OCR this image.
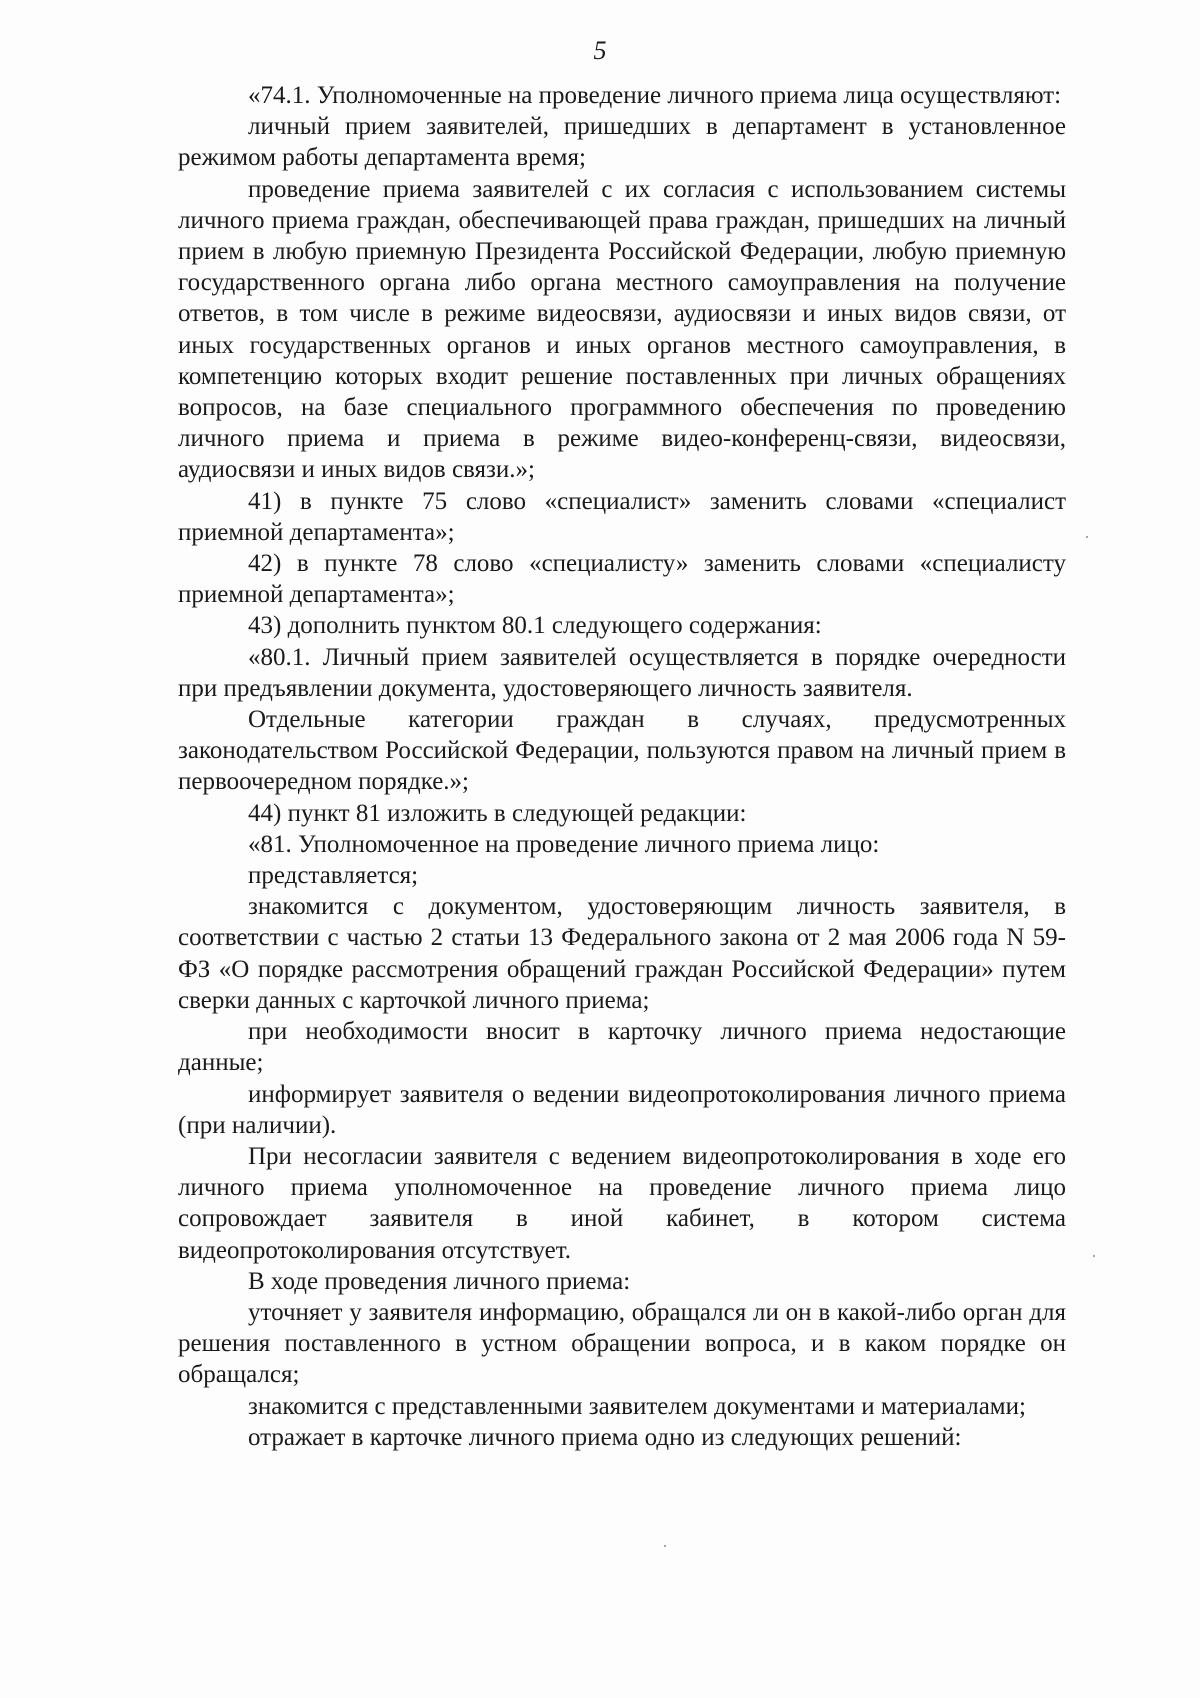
5

«74.1. Уполномоченные на проведение личного приема лица осуществляют:

личный прием заявителей, пришедших в департамент в установленное режимом работы департамента время;

проведение приема заявителей с их согласия с использованием системы личного приема граждан, обеспечивающей права граждан, пришедших на личный прием в любую приемную Президента Российской Федерации, любую приемную государственного органа либо органа местного самоуправления на получение ответов, в том числе в режиме видеосвязи, аудиосвязи и иных видов связи, от иных государственных органов и иных органов местного самоуправления, в компетенцию которых входит решение поставленных при личных обращениях вопросов, на базе специального программного обеспечения по проведению личного приема и приема в режиме видео-конференц-связи, видеосвязи, аудиосвязи и иных видов связи.»;

41) в пункте 75 слово «специалист» заменить словами «специалист приемной департамента»;

42) в пункте 78 слово «специалисту» заменить словами «специалисту приемной департамента»;

43) дополнить пунктом 80.1 следующего содержания:

«80.1. Личный прием заявителей осуществляется в порядке очередности при предъявлении документа, удостоверяющего личность заявителя.

Отдельные категории граждан в случаях, предусмотренных законодательством Российской Федерации, пользуются правом на личный прием в первоочередном порядке.»;

44) пункт 81 изложить в следующей редакции:

«81. Уполномоченное на проведение личного приема лицо:

представляется;

знакомится с документом, удостоверяющим личность заявителя, в соответствии с частью 2 статьи 13 Федерального закона от 2 мая 2006 года N 59-ФЗ «О порядке рассмотрения обращений граждан Российской Федерации» путем сверки данных с карточкой личного приема;

при необходимости вносит в карточку личного приема недостающие данные;

информирует заявителя о ведении видеопротоколирования личного приема (при наличии).

При несогласии заявителя с ведением видеопротоколирования в ходе его личного приема уполномоченное на проведение личного приема лицо сопровождает заявителя в иной кабинет, в котором система видеопротоколирования отсутствует.

В ходе проведения личного приема:

уточняет у заявителя информацию, обращался ли он в какой-либо орган для решения поставленного в устном обращении вопроса, и в каком порядке он обращался;

знакомится с представленными заявителем документами и материалами;

отражает в карточке личного приема одно из следующих решений:
